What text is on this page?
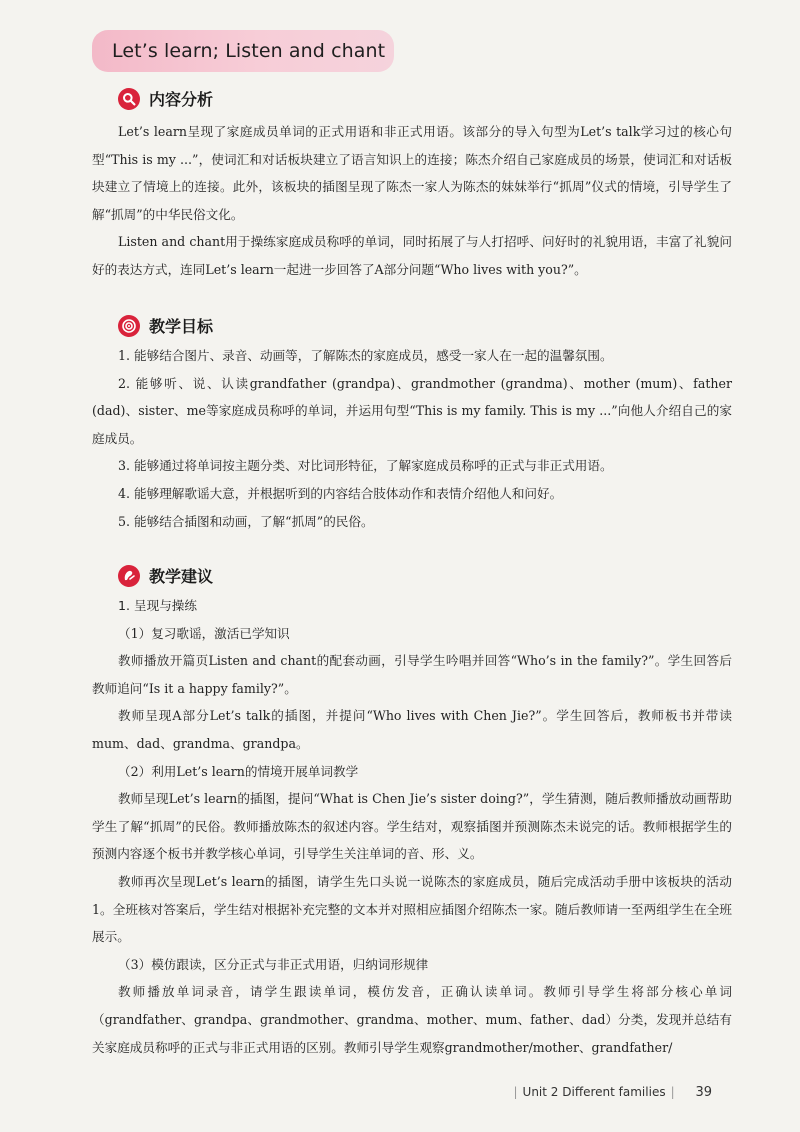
Let’s learn; Listen and chant
内容分析

Let’s learn呈现了家庭成员单词的正式用语和非正式用语。该部分的导入句型为Let’s talk学习过的核心句型“This is my ...”，使词汇和对话板块建立了语言知识上的连接；陈杰介绍自己家庭成员的场景，使词汇和对话板块建立了情境上的连接。此外，该板块的插图呈现了陈杰一家人为陈杰的妹妹举行“抓周”仪式的情境，引导学生了解“抓周”的中华民俗文化。

Listen and chant用于操练家庭成员称呼的单词，同时拓展了与人打招呼、问好时的礼貌用语，丰富了礼貌问好的表达方式，连同Let’s learn一起进一步回答了A部分问题“Who lives with you?”。

教学目标

1. 能够结合图片、录音、动画等，了解陈杰的家庭成员，感受一家人在一起的温馨氛围。

2. 能够听、说、认读grandfather (grandpa)、grandmother (grandma)、mother (mum)、father (dad)、sister、me等家庭成员称呼的单词，并运用句型“This is my family. This is my ...”向他人介绍自己的家庭成员。

3. 能够通过将单词按主题分类、对比词形特征，了解家庭成员称呼的正式与非正式用语。

4. 能够理解歌谣大意，并根据听到的内容结合肢体动作和表情介绍他人和问好。

5. 能够结合插图和动画，了解“抓周”的民俗。

教学建议

1. 呈现与操练

（1）复习歌谣，激活已学知识

教师播放开篇页Listen and chant的配套动画，引导学生吟唱并回答“Who’s in the family?”。学生回答后教师追问“Is it a happy family?”。

教师呈现A部分Let’s talk的插图，并提问“Who lives with Chen Jie?”。学生回答后，教师板书并带读mum、dad、grandma、grandpa。

（2）利用Let’s learn的情境开展单词教学

教师呈现Let’s learn的插图，提问“What is Chen Jie’s sister doing?”，学生猜测，随后教师播放动画帮助学生了解“抓周”的民俗。教师播放陈杰的叙述内容。学生结对，观察插图并预测陈杰未说完的话。教师根据学生的预测内容逐个板书并教学核心单词，引导学生关注单词的音、形、义。

教师再次呈现Let’s learn的插图，请学生先口头说一说陈杰的家庭成员，随后完成活动手册中该板块的活动1。全班核对答案后，学生结对根据补充完整的文本并对照相应插图介绍陈杰一家。随后教师请一至两组学生在全班展示。

（3）模仿跟读，区分正式与非正式用语，归纳词形规律

教师播放单词录音，请学生跟读单词，模仿发音，正确认读单词。教师引导学生将部分核心单词（grandfather、grandpa、grandmother、grandma、mother、mum、father、dad）分类，发现并总结有关家庭成员称呼的正式与非正式用语的区别。教师引导学生观察grandmother/mother、grandfather/

| Unit 2 Different families | 39
